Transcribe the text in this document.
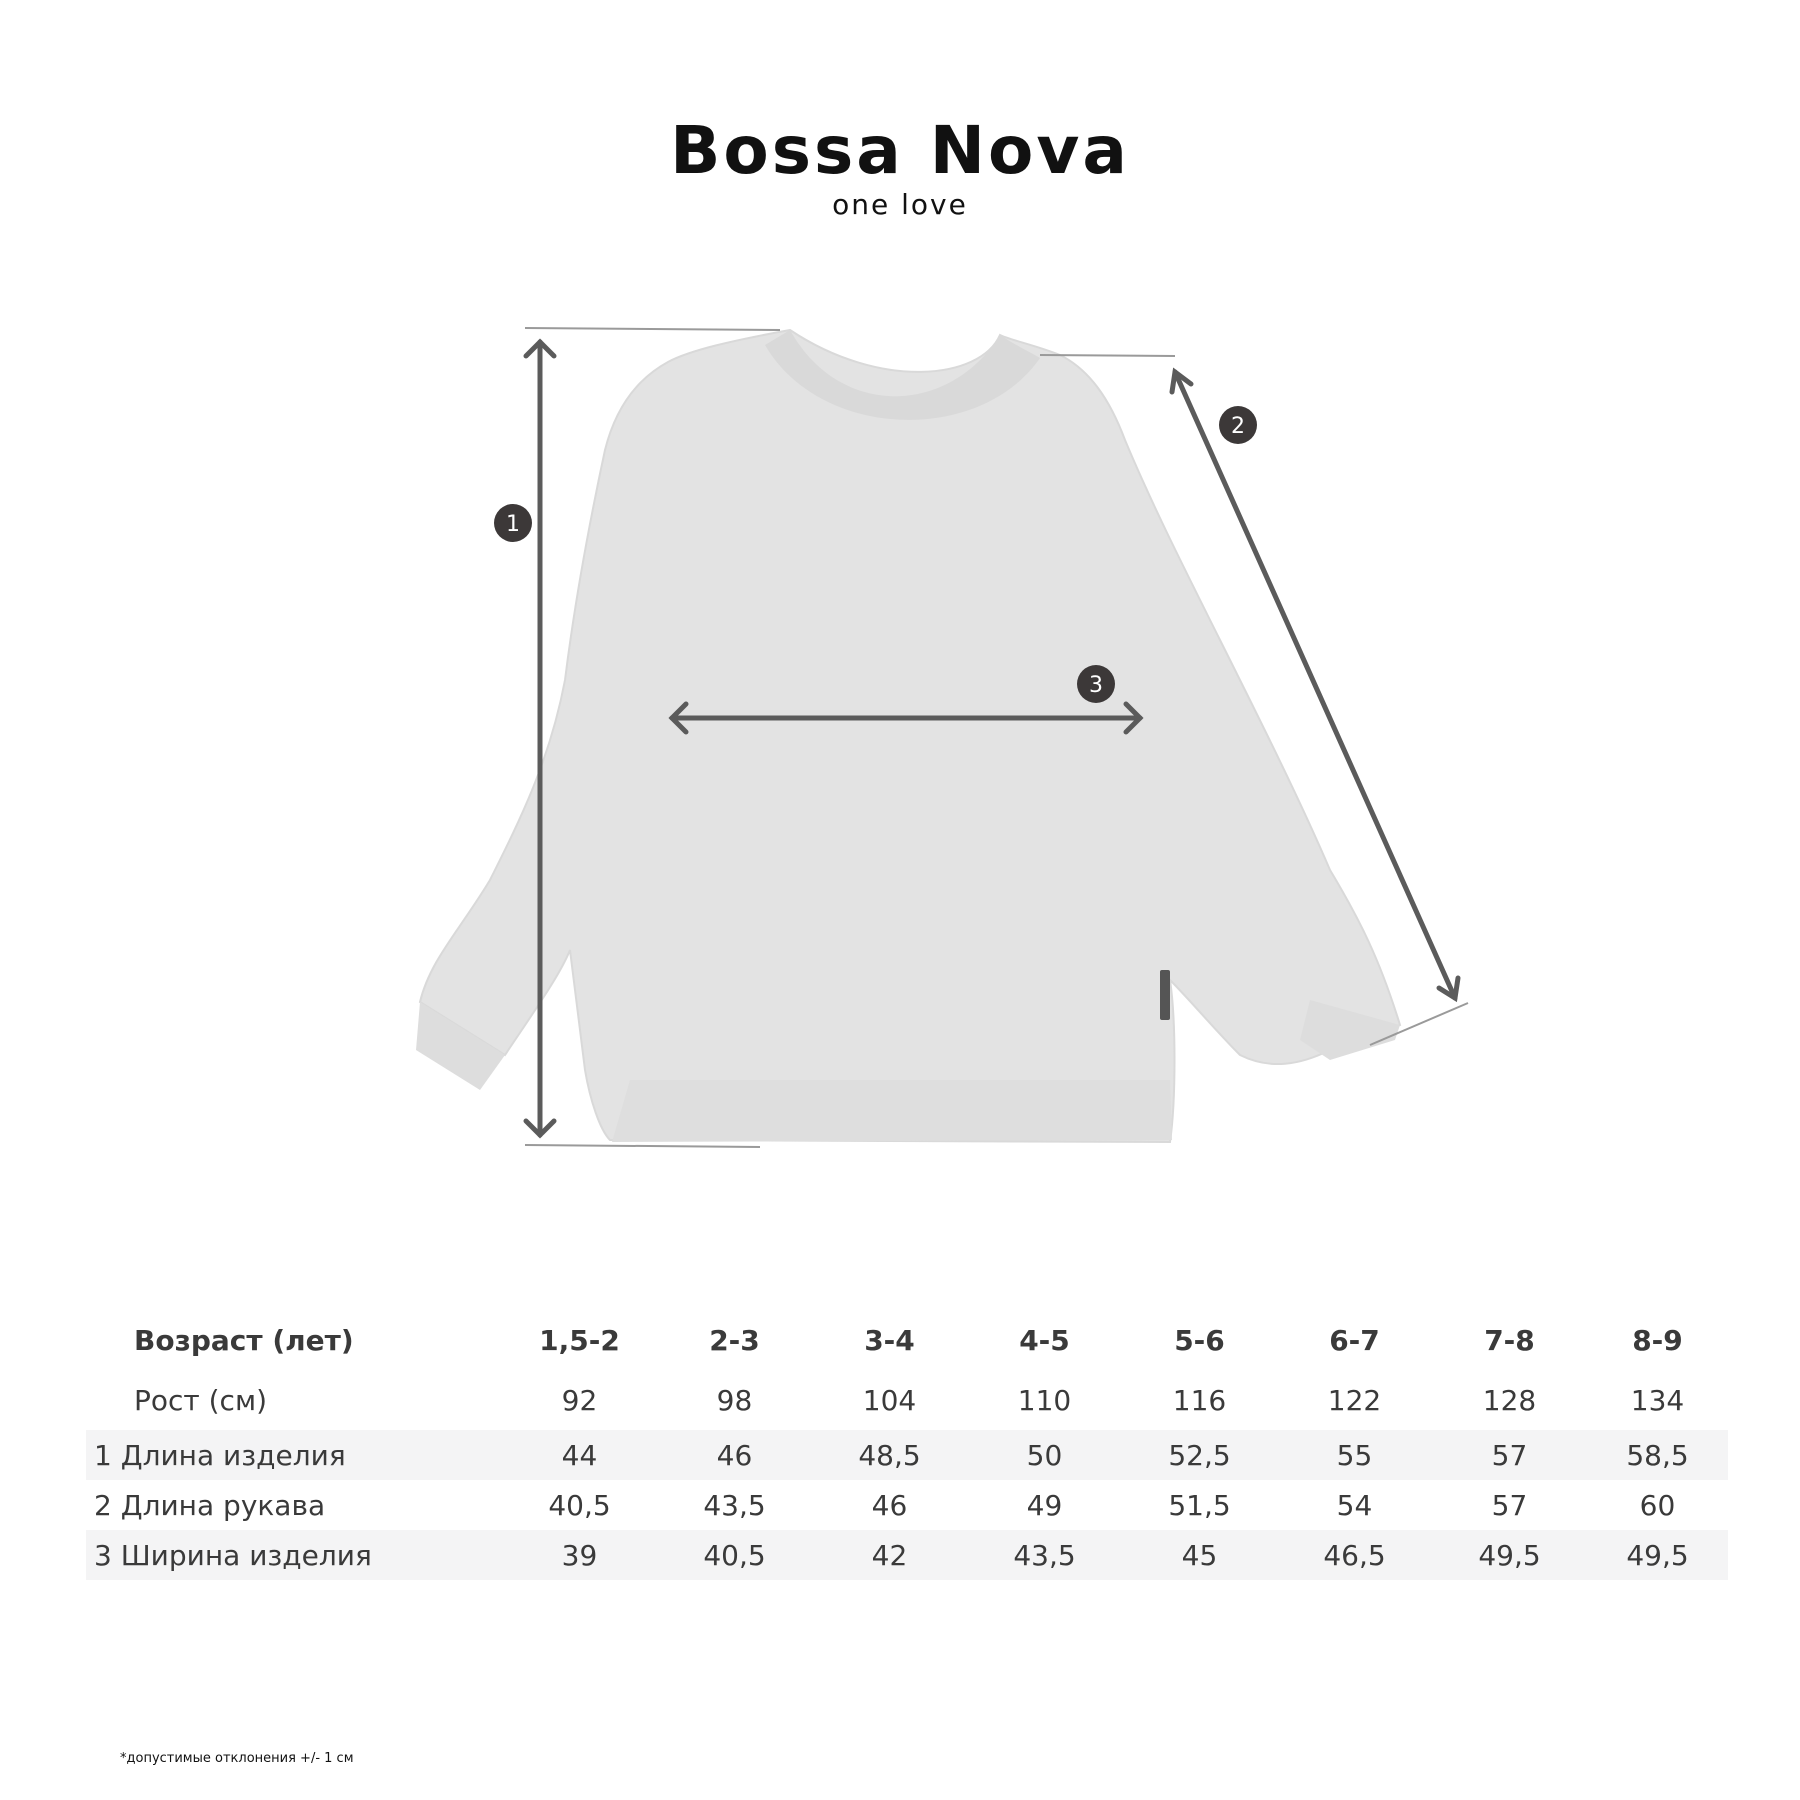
Bossa Nova
one love
1
2
3
Возраст (лет)	1,5-2	2-3	3-4	4-5	5-6	6-7	7-8	8-9
Рост (см)	92	98	104	110	116	122	128	134
1 Длина изделия	44	46	48,5	50	52,5	55	57	58,5
2 Длина рукава	40,5	43,5	46	49	51,5	54	57	60
3 Ширина изделия	39	40,5	42	43,5	45	46,5	49,5	49,5
*допустимые отклонения +/- 1 см
